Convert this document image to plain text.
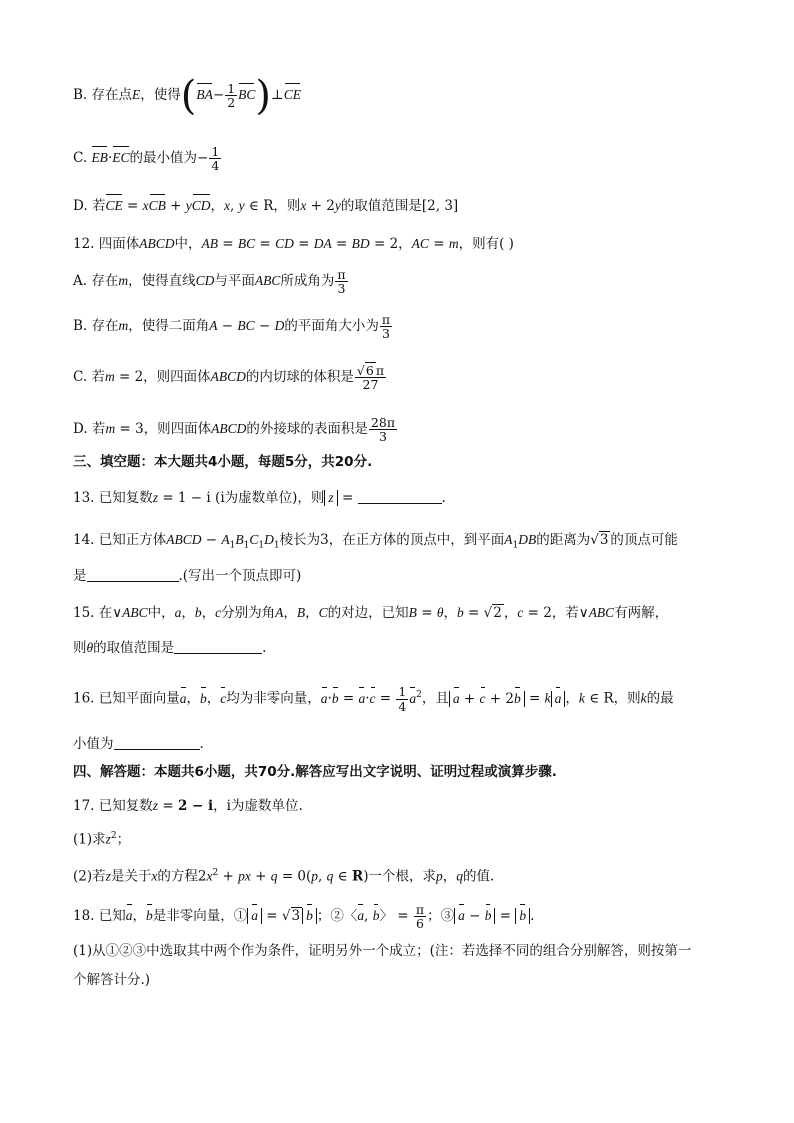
B. 存在点E，使得($BA- \frac{1}{2}$ BC)⊥CE
C. EB·EC的最小值为− $\frac{1}{4}$
D. 若CE = xCB + yCD，x, y ∈ R，则x + 2y的取值范围是[2, 3]
12. 四面体ABCD中，AB = BC = CD = DA = BD = 2，AC = m，则有( )
A. 存在m，使得直线CD与平面ABC所成角为 $\frac{\pi}{3}$
B. 存在m，使得二面角A − BC − D的平面角大小为 $\frac{\pi}{3}$
C. 若m = 2，则四面体ABCD的内切球的体积是 $\frac{√6 \pi}{27}$
D. 若m = 3，则四面体ABCD的外接球的表面积是 $\frac{28\pi}{3}$
三、填空题：本大题共4小题，每题5分，共20分.
13. 已知复数z = 1 − i (i为虚数单位)，则 z =	.
14. 已知正方体ABCD − $A_1B_1C_1D_1$棱长为3，在正方体的顶点中，到平面$A_1DB$的距离为√3 的顶点可能
是	.(写出一个顶点即可)
15. 在∨ABC中，a，b，c分别为角A，B，C的对边，已知B = θ，b = √2 ，c = 2，若∨ABC有两解，
则θ的取值范围是	.
16. 已知平面向量a，b，c均为非零向量，$a\cdot b = a\cdot c = \frac{1}{4} a^2$，且 a + c + 2b = k a ，k ∈ R，则k的最
小值为	.
四、解答题：本题共6小题，共70分.解答应写出文字说明、证明过程或演算步骤.
17. 已知复数z = 2 − i，i为虚数单位.
(1)求$z^2$；
(2)若z是关于x的方程$2x^2$ + px + q = 0(p, q ∈ R)一个根，求p，q的值.
18. 已知a，b是非零向量，① a = √3 b ；②〈a, b〉 = $\frac{\pi}{6}$ ；③ a − b = b .
(1)从①②③中选取其中两个作为条件，证明另外一个成立；(注：若选择不同的组合分别解答，则按第一
个解答计分.)
